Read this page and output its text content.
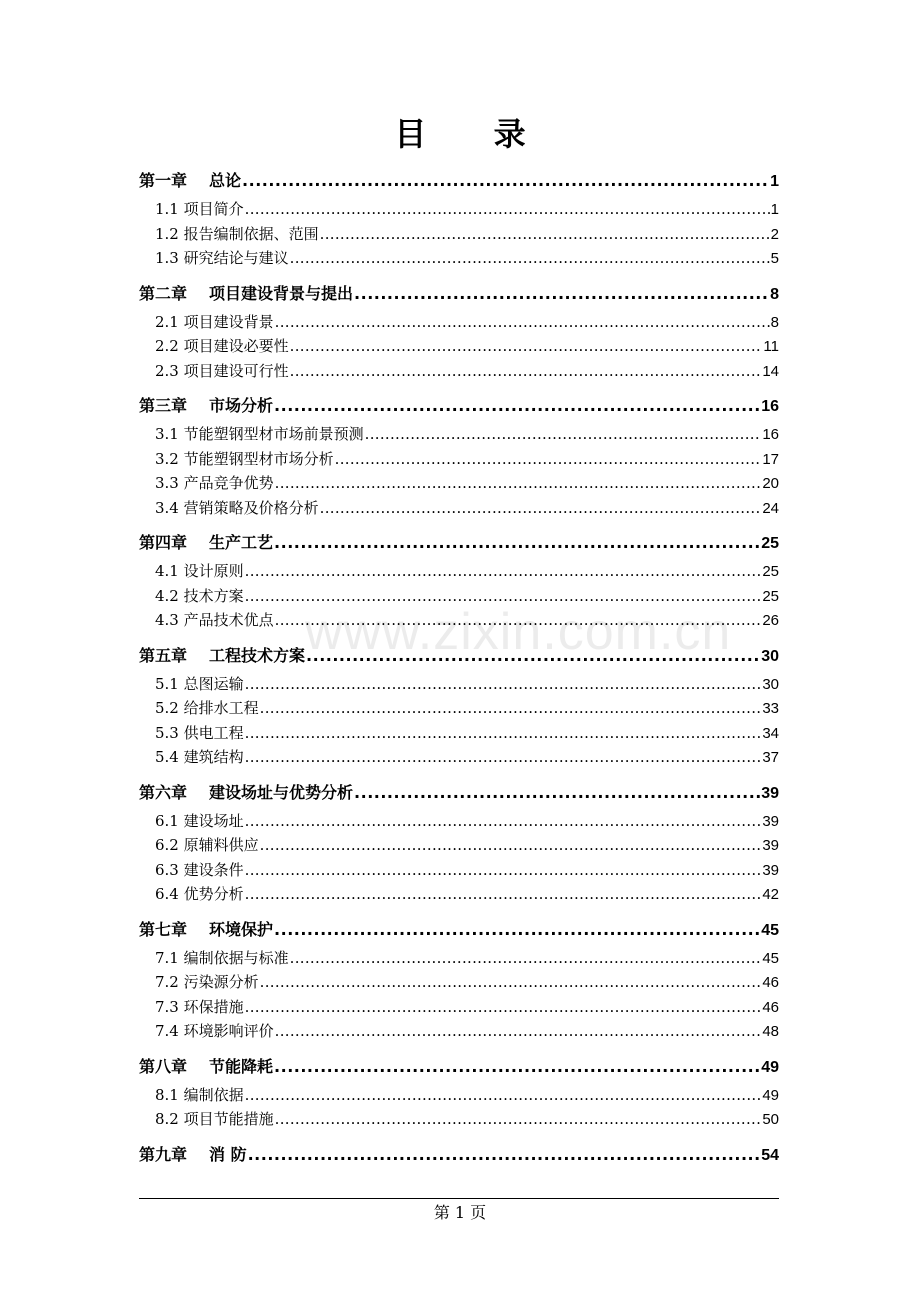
目 录
www.zixin.com.cn
第一章 总论 .....	1
1.1 项目简介 .....	1
1.2 报告编制依据、范围 .....	2
1.3 研究结论与建议 .....	5
第二章 项目建设背景与提出 .....	8
2.1 项目建设背景 .....	8
2.2 项目建设必要性 .....	11
2.3 项目建设可行性 .....	14
第三章 市场分析 .....	16
3.1 节能塑钢型材市场前景预测 .....	16
3.2 节能塑钢型材市场分析 .....	17
3.3 产品竞争优势 .....	20
3.4 营销策略及价格分析 .....	24
第四章 生产工艺 .....	25
4.1 设计原则 .....	25
4.2 技术方案 .....	25
4.3 产品技术优点 .....	26
第五章 工程技术方案 .....	30
5.1 总图运输 .....	30
5.2 给排水工程 .....	33
5.3 供电工程 .....	34
5.4 建筑结构 .....	37
第六章 建设场址与优势分析 .....	39
6.1 建设场址 .....	39
6.2 原辅料供应 .....	39
6.3 建设条件 .....	39
6.4 优势分析 .....	42
第七章 环境保护 .....	45
7.1 编制依据与标准 .....	45
7.2 污染源分析 .....	46
7.3 环保措施 .....	46
7.4 环境影响评价 .....	48
第八章 节能降耗 .....	49
8.1 编制依据 .....	49
8.2 项目节能措施 .....	50
第九章 消 防 .....	54
第 1 页
